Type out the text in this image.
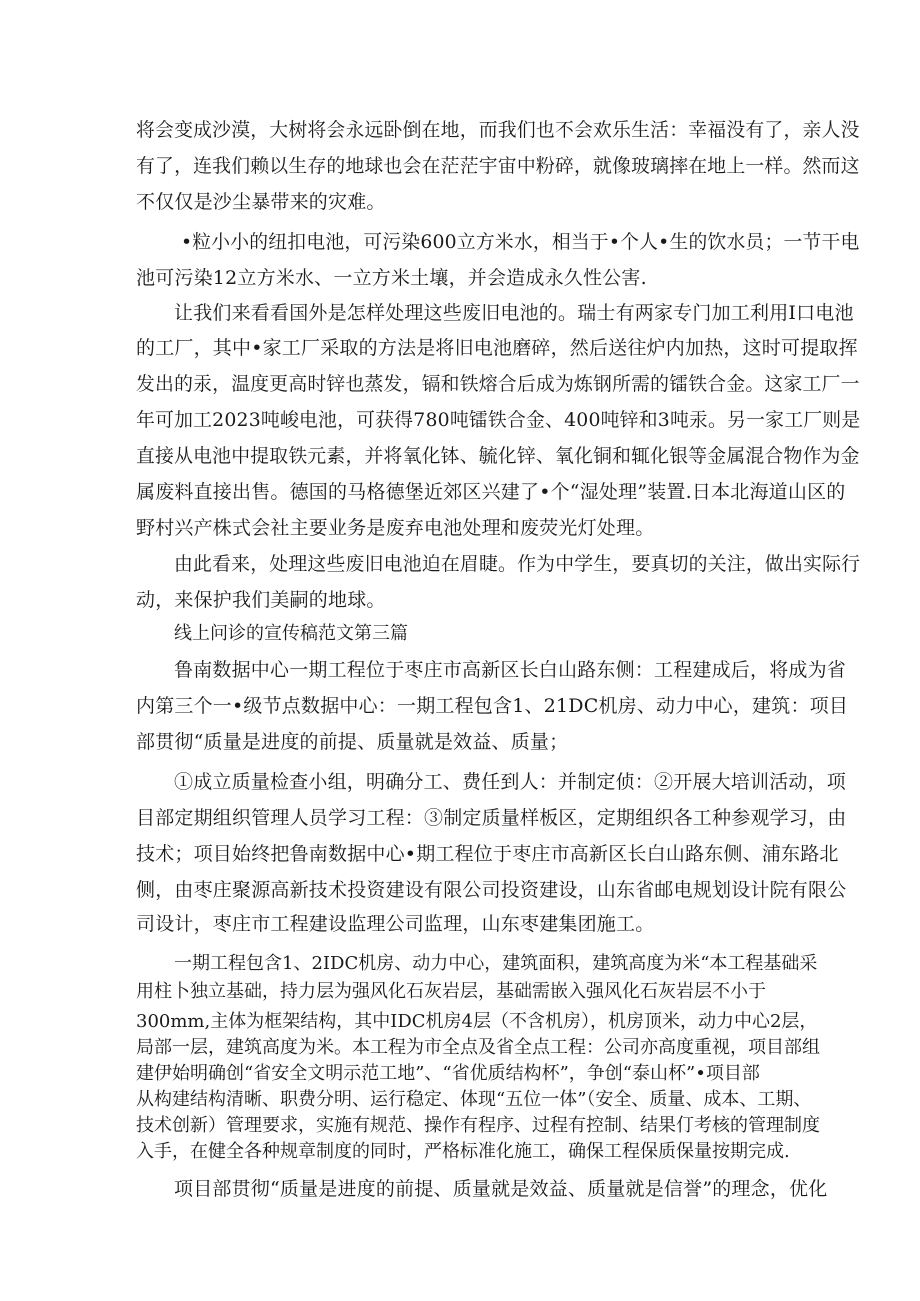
将会变成沙漠，大树将会永远卧倒在地，而我们也不会欢乐生活：幸福没有了，亲人没
有了，连我们赖以生存的地球也会在茫茫宇宙中粉碎，就像玻璃摔在地上一样。然而这
不仅仅是沙尘暴带来的灾难。
•粒小小的纽扣电池，可污染600立方米水，相当于•个人•生的饮水员；一节干电
池可污染12立方米水、一立方米土壤，并会造成永久性公害.
让我们来看看国外是怎样处理这些废旧电池的。瑞士有两家专门加工利用I口电池
的工厂，其中•家工厂采取的方法是将旧电池磨碎，然后送往炉内加热，这时可提取挥
发出的汞，温度更高时锌也蒸发，镉和铁熔合后成为炼钢所需的镭铁合金。这家工厂一
年可加工2023吨峻电池，可获得780吨镭铁合金、400吨锌和3吨汞。另一家工厂则是
直接从电池中提取铁元素，并将氧化钵、毓化锌、氧化铜和辄化银等金属混合物作为金
属废料直接出售。德国的马格德堡近郊区兴建了•个“湿处理”装置.日本北海道山区的
野村兴产株式会社主要业务是废弃电池处理和废荧光灯处理。
由此看来，处理这些废旧电池迫在眉睫。作为中学生，要真切的关注，做出实际行
动，来保护我们美嗣的地球。
线上问诊的宣传稿范文第三篇
鲁南数据中心一期工程位于枣庄市高新区长白山路东侧：工程建成后，将成为省
内第三个一•级节点数据中心：一期工程包含1、21DC机房、动力中心，建筑：项目
部贯彻“质量是进度的前提、质量就是效益、质量；
①成立质量检查小组，明确分工、费任到人：并制定侦：②开展大培训活动，项
目部定期组织管理人员学习工程：③制定质量样板区，定期组织各工种参观学习，由
技术；项目始终把鲁南数据中心•期工程位于枣庄市高新区长白山路东侧、浦东路北
侧，由枣庄聚源高新技术投资建设有限公司投资建设，山东省邮电规划设计院有限公
司设计，枣庄市工程建设监理公司监理，山东枣建集团施工。
一期工程包含1、2IDC机房、动力中心，建筑面积，建筑高度为米“本工程基础采
用柱卜独立基础，持力层为强风化石灰岩层，基础需嵌入强风化石灰岩层不小于
300mm,主体为框架结构，其中IDC机房4层（不含机房），机房顶米，动力中心2层，
局部一层，建筑高度为米。本工程为市全点及省全点工程：公司亦高度重视，项目部组
建伊始明确创“省安全文明示范工地”、“省优质结构杯”，争创“泰山杯”•项目部
从构建结构清晰、职费分明、运行稳定、体现“五位一体”（安全、质量、成本、工期、
技术创新）管理要求，实施有规范、操作有程序、过程有控制、结果仃考核的管理制度
入手，在健全各种规章制度的同时，严格标准化施工，确保工程保质保量按期完成.
项目部贯彻“质量是进度的前提、质量就是效益、质量就是信誉”的理念，优化
